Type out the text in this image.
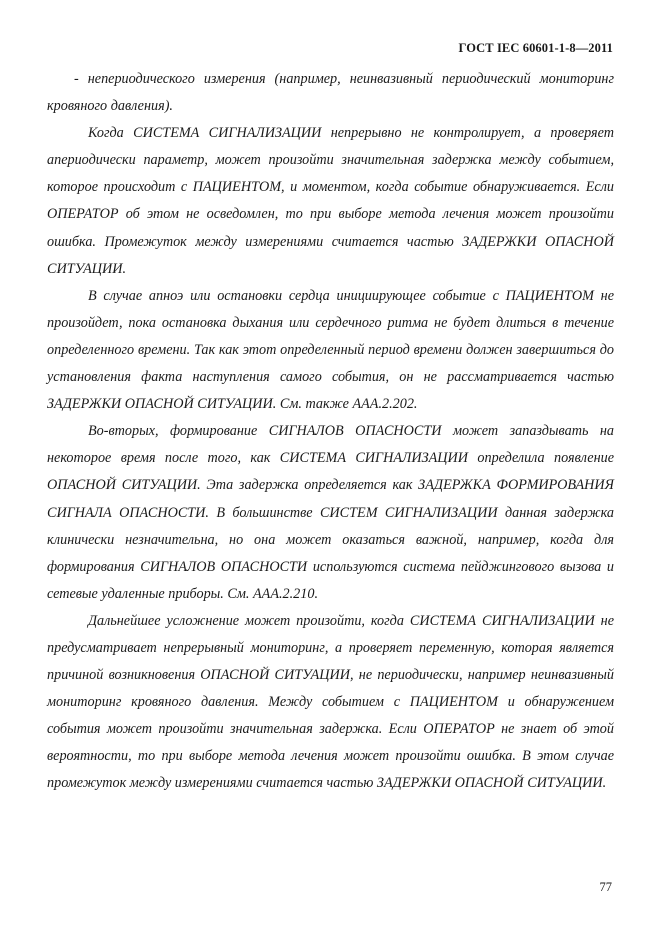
ГОСТ IEC 60601-1-8—2011

- непериодического измерения (например, неинвазивный периодический мониторинг кровяного давления).

Когда СИСТЕМА СИГНАЛИЗАЦИИ непрерывно не контролирует, а проверяет апериодически параметр, может произойти значительная задержка между событием, которое происходит с ПАЦИЕНТОМ, и моментом, когда событие обнаруживается. Если ОПЕРАТОР об этом не осведомлен, то при выборе метода лечения может произойти ошибка. Промежуток между измерениями считается частью ЗАДЕРЖКИ ОПАСНОЙ СИТУАЦИИ.

В случае апноэ или остановки сердца инициирующее событие с ПАЦИЕНТОМ не произойдет, пока остановка дыхания или сердечного ритма не будет длиться в течение определенного времени. Так как этот определенный период времени должен завершиться до установления факта наступления самого события, он не рассматривается частью ЗАДЕРЖКИ ОПАСНОЙ СИТУАЦИИ. См. также ААА.2.202.

Во-вторых, формирование СИГНАЛОВ ОПАСНОСТИ может запаздывать на некоторое время после того, как СИСТЕМА СИГНАЛИЗАЦИИ определила появление ОПАСНОЙ СИТУАЦИИ. Эта задержка определяется как ЗАДЕРЖКА ФОРМИРОВАНИЯ СИГНАЛА ОПАСНОСТИ. В большинстве СИСТЕМ СИГНАЛИЗАЦИИ данная задержка клинически незначительна, но она может оказаться важной, например, когда для формирования СИГНАЛОВ ОПАСНОСТИ используются система пейджингового вызова и сетевые удаленные приборы. См. ААА.2.210.

Дальнейшее усложнение может произойти, когда СИСТЕМА СИГНАЛИЗАЦИИ не предусматривает непрерывный мониторинг, а проверяет переменную, которая является причиной возникновения ОПАСНОЙ СИТУАЦИИ, не периодически, например неинвазивный мониторинг кровяного давления. Между событием с ПАЦИЕНТОМ и обнаружением события может произойти значительная задержка. Если ОПЕРАТОР не знает об этой вероятности, то при выборе метода лечения может произойти ошибка. В этом случае промежуток между измерениями считается частью ЗАДЕРЖКИ ОПАСНОЙ СИТУАЦИИ.

77
